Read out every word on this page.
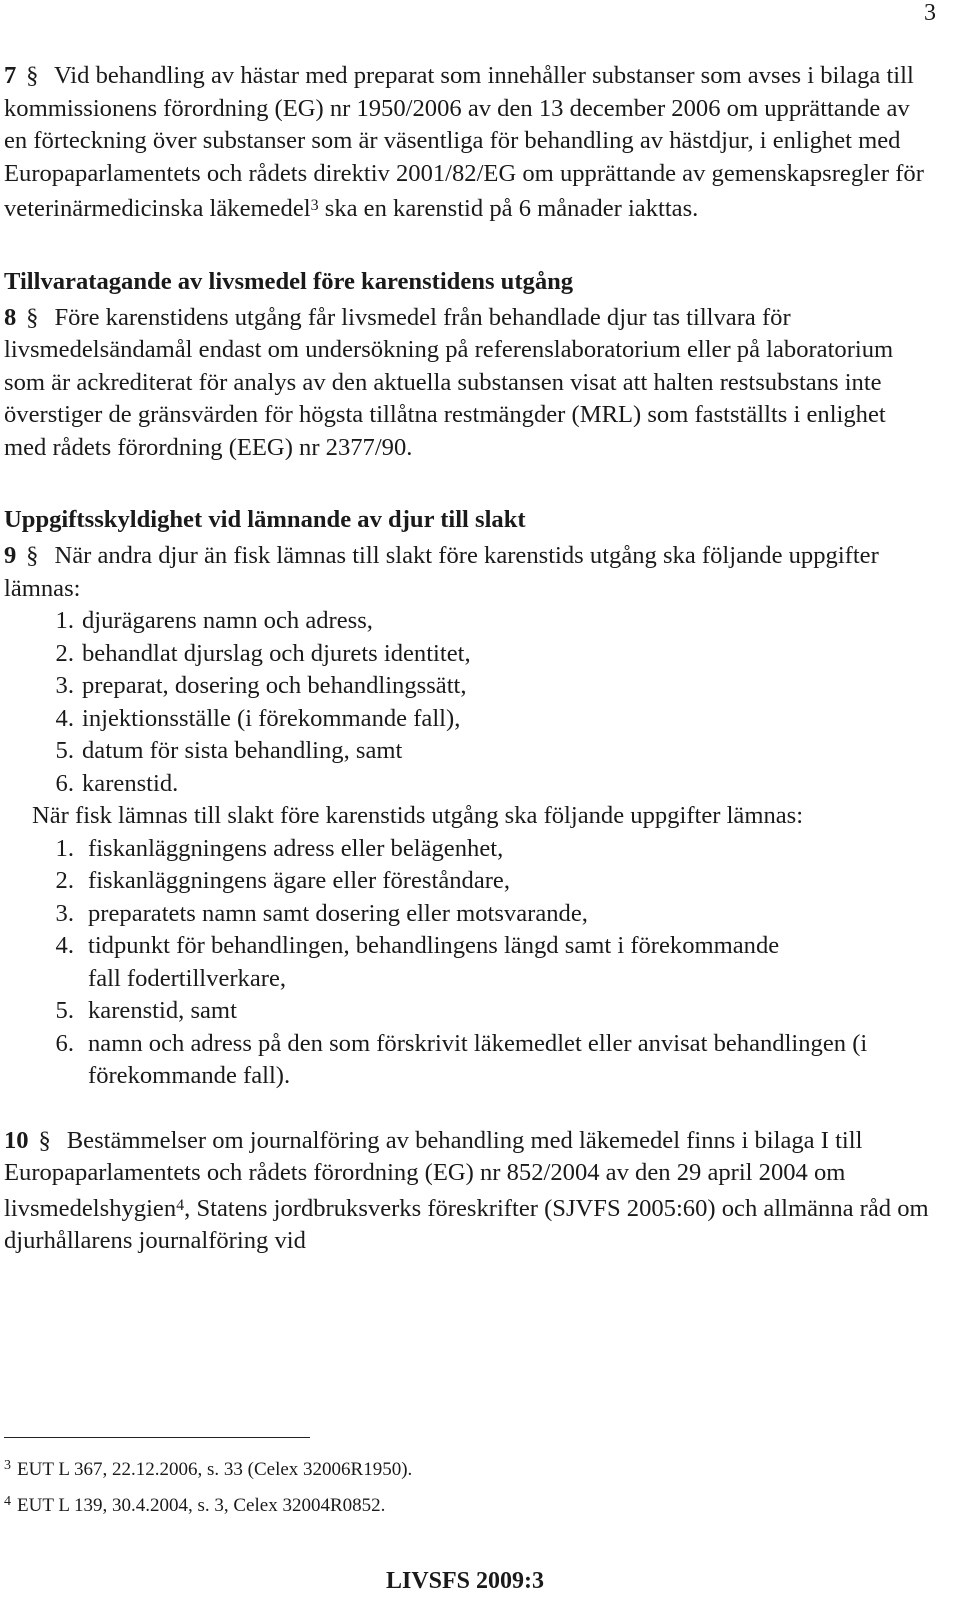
3

7 § Vid behandling av hästar med preparat som innehåller substanser som avses i bilaga till kommissionens förordning (EG) nr 1950/2006 av den 13 december 2006 om upprättande av en förteckning över substanser som är väsentliga för behandling av hästdjur, i enlighet med Europaparlamentets och rådets direktiv 2001/82/EG om upprättande av gemenskapsregler för veterinärmedicinska läkemedel$^3$ ska en karenstid på 6 månader iakttas.

Tillvaratagande av livsmedel före karenstidens utgång

8 § Före karenstidens utgång får livsmedel från behandlade djur tas tillvara för livsmedelsändamål endast om undersökning på referenslaboratorium eller på laboratorium som är ackrediterat för analys av den aktuella substansen visat att halten restsubstans inte överstiger de gränsvärden för högsta tillåtna restmängder (MRL) som fastställts i enlighet med rådets förordning (EEG) nr 2377/90.

Uppgiftsskyldighet vid lämnande av djur till slakt

9 § När andra djur än fisk lämnas till slakt före karenstids utgång ska följande uppgifter lämnas:

1. djurägarens namn och adress,
2. behandlat djurslag och djurets identitet,
3. preparat, dosering och behandlingssätt,
4. injektionsställe (i förekommande fall),
5. datum för sista behandling, samt
6. karenstid.

När fisk lämnas till slakt före karenstids utgång ska följande uppgifter lämnas:

1. fiskanläggningens adress eller belägenhet,
2. fiskanläggningens ägare eller föreståndare,
3. preparatets namn samt dosering eller motsvarande,
4. tidpunkt för behandlingen, behandlingens längd samt i förekommande fall fodertillverkare,
5. karenstid, samt
6. namn och adress på den som förskrivit läkemedlet eller anvisat behandlingen (i förekommande fall).

10 § Bestämmelser om journalföring av behandling med läkemedel finns i bilaga I till Europaparlamentets och rådets förordning (EG) nr 852/2004 av den 29 april 2004 om livsmedelshygien$^4$, Statens jordbruksverks föreskrifter (SJVFS 2005:60) och allmänna råd om djurhållarens journalföring vid

$^3$ EUT L 367, 22.12.2006, s. 33 (Celex 32006R1950).
$^4$ EUT L 139, 30.4.2004, s. 3, Celex 32004R0852.
LIVSFS 2009:3
